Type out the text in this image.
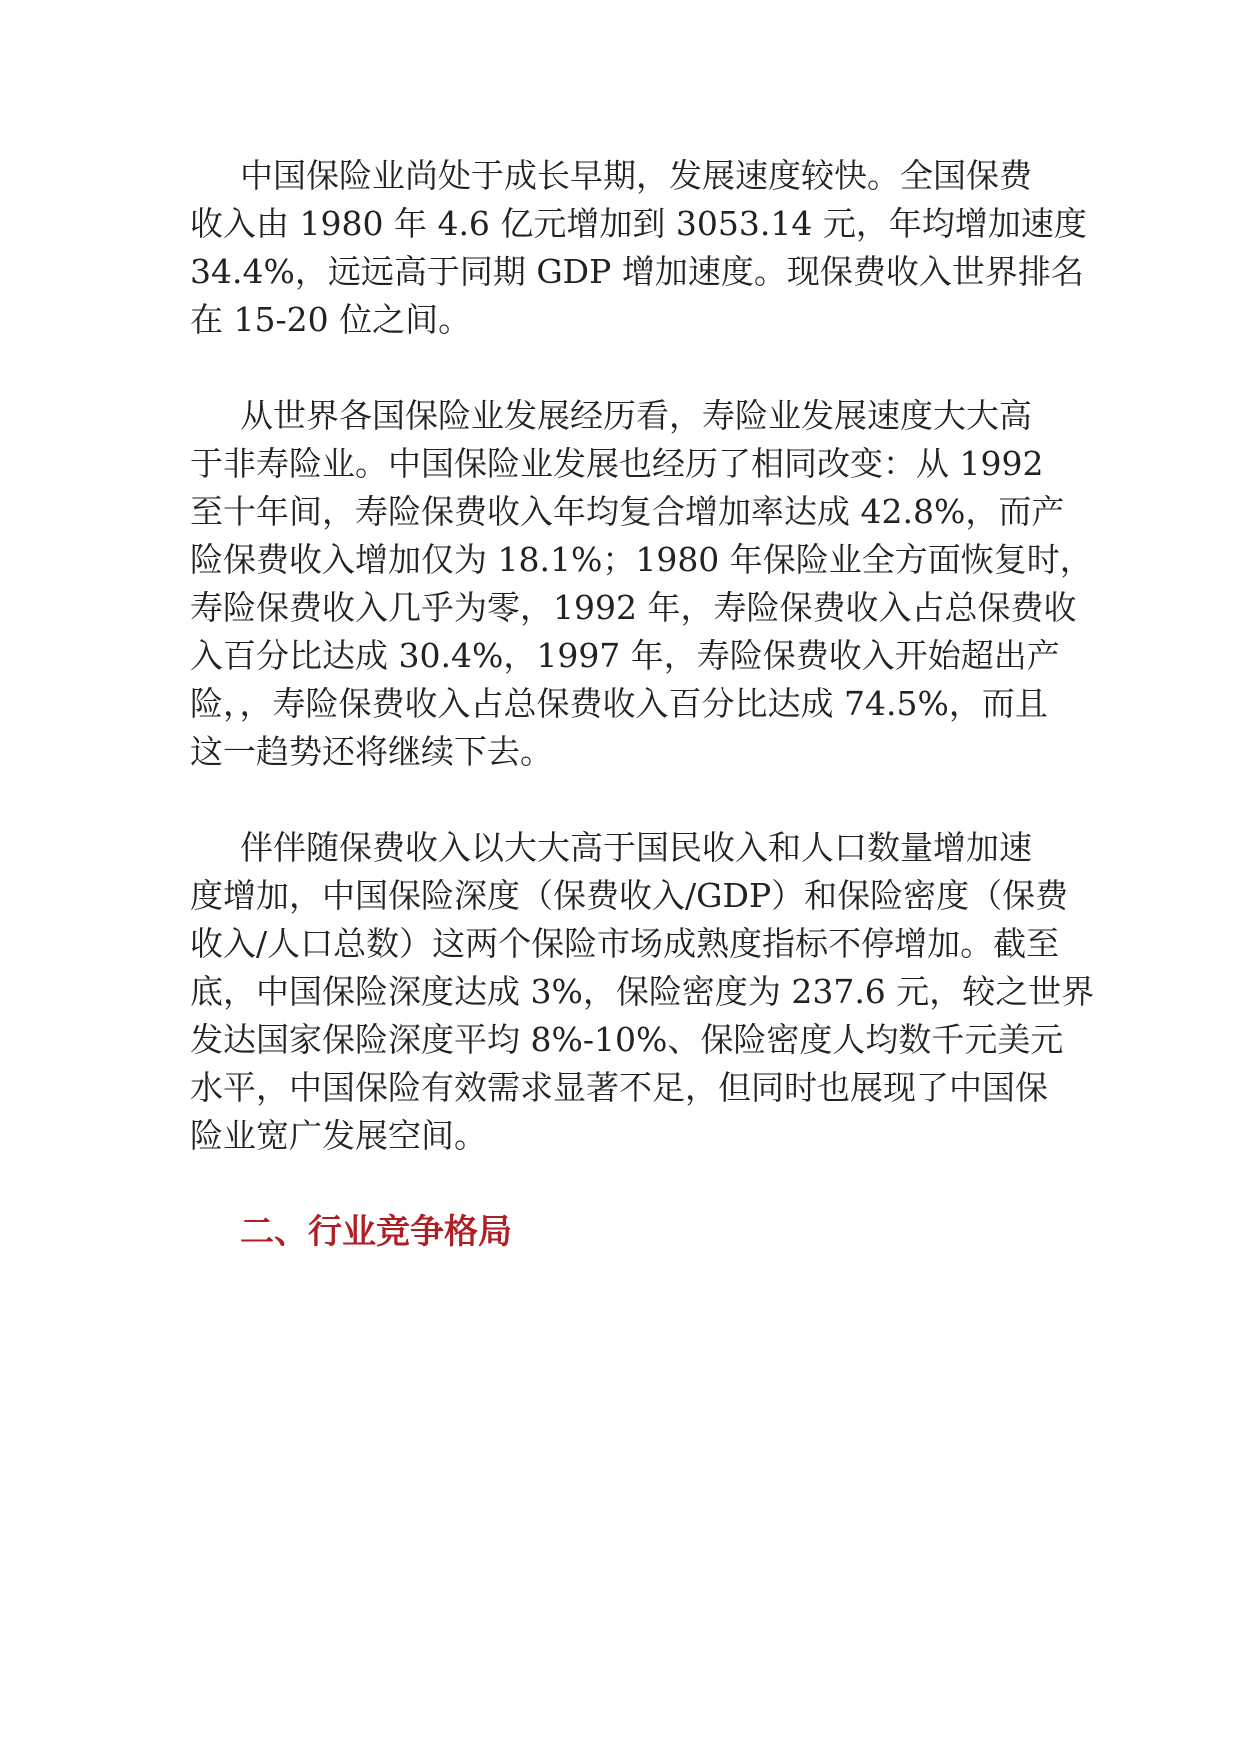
中国保险业尚处于成长早期，发展速度较快。全国保费
收入由 1980 年 4.6 亿元增加到 3053.14 元，年均增加速度
34.4%，远远高于同期 GDP 增加速度。现保费收入世界排名
在 15-20 位之间。
从世界各国保险业发展经历看，寿险业发展速度大大高
于非寿险业。中国保险业发展也经历了相同改变：从 1992
至十年间，寿险保费收入年均复合增加率达成 42.8%，而产
险保费收入增加仅为 18.1%；1980 年保险业全方面恢复时，
寿险保费收入几乎为零，1992 年，寿险保费收入占总保费收
入百分比达成 30.4%，1997 年，寿险保费收入开始超出产
险，，寿险保费收入占总保费收入百分比达成 74.5%，而且
这一趋势还将继续下去。
伴伴随保费收入以大大高于国民收入和人口数量增加速
度增加，中国保险深度（保费收入/GDP）和保险密度（保费
收入/人口总数）这两个保险市场成熟度指标不停增加。截至
底，中国保险深度达成 3%，保险密度为 237.6 元，较之世界
发达国家保险深度平均 8%-10%、保险密度人均数千元美元
水平，中国保险有效需求显著不足，但同时也展现了中国保
险业宽广发展空间。
二、行业竞争格局
